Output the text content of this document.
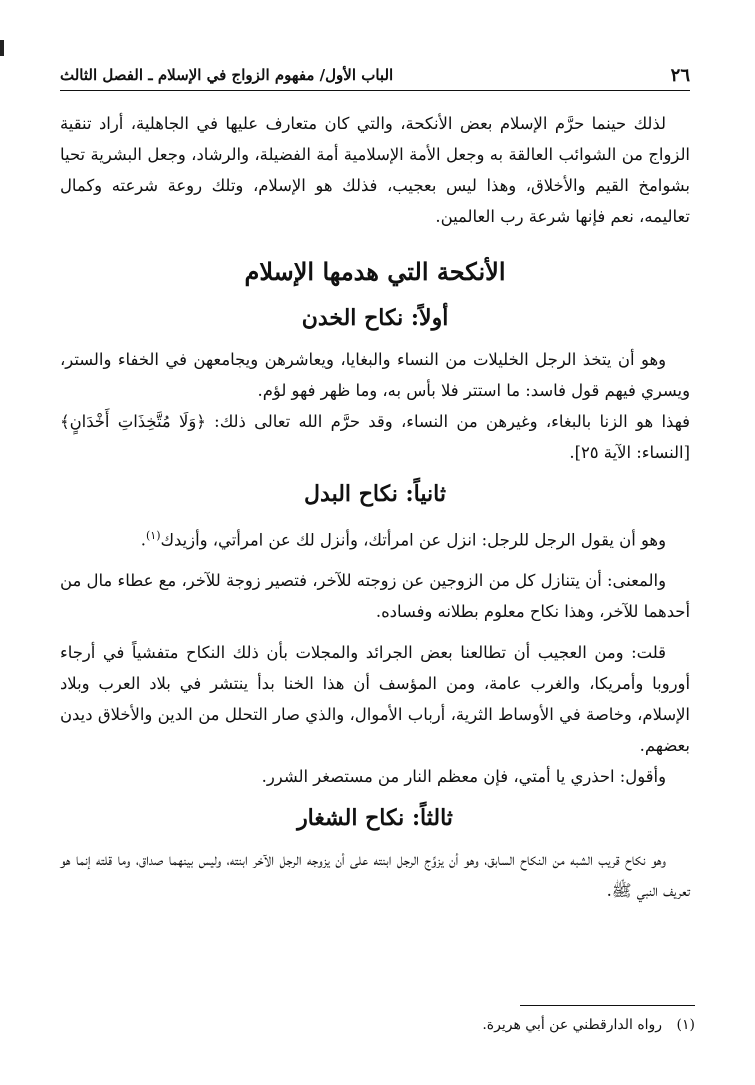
٢٦
الباب الأول/ مفهوم الزواج في الإسلام ـ الفصل الثالث

لذلك حينما حرَّم الإسلام بعض الأنكحة، والتي كان متعارف عليها في الجاهلية، أراد تنقية الزواج من الشوائب العالقة به وجعل الأمة الإسلامية أمة الفضيلة، والرشاد، وجعل البشرية تحيا بشوامخ القيم والأخلاق، وهذا ليس بعجيب، فذلك هو الإسلام، وتلك روعة شرعته وكمال تعاليمه، نعم فإنها شرعة رب العالمين.

الأنكحة التي هدمها الإسلام
أولاً: نكاح الخدن

وهو أن يتخذ الرجل الخليلات من النساء والبغايا، ويعاشرهن ويجامعهن في الخفاء والستر، ويسري فيهم قول فاسد: ما استتر فلا بأس به، وما ظهر فهو لؤم.

فهذا هو الزنا بالبغاء، وغيرهن من النساء، وقد حرَّم الله تعالى ذلك: ﴿وَلَا مُتَّخِذَاتِ أَخْدَانٍ﴾ [النساء: الآية ٢٥].

ثانياً: نكاح البدل

وهو أن يقول الرجل للرجل: انزل عن امرأتك، وأنزل لك عن امرأتي، وأزيدك$^{(١)}$.

والمعنى: أن يتنازل كل من الزوجين عن زوجته للآخر، فتصير زوجة للآخر، مع عطاء مال من أحدهما للآخر، وهذا نكاح معلوم بطلانه وفساده.

قلت: ومن العجيب أن تطالعنا بعض الجرائد والمجلات بأن ذلك النكاح متفشياً في أرجاء أوروبا وأمريكا، والغرب عامة، ومن المؤسف أن هذا الخنا بدأ ينتشر في بلاد العرب وبلاد الإسلام، وخاصة في الأوساط الثرية، أرباب الأموال، والذي صار التحلل من الدين والأخلاق ديدن بعضهم.

وأقول: احذري يا أمتي، فإن معظم النار من مستصغر الشرر.

ثالثاً: نكاح الشغار

وهو نكاح قريب الشبه من النكاح السابق، وهو أن يزوِّج الرجل ابنته على أن يزوجه الرجل الآخر ابنته، وليس بينهما صداق، وما قلته إنما هو تعريف النبي ﷺ.

(١) رواه الدارقطني عن أبي هريرة.
